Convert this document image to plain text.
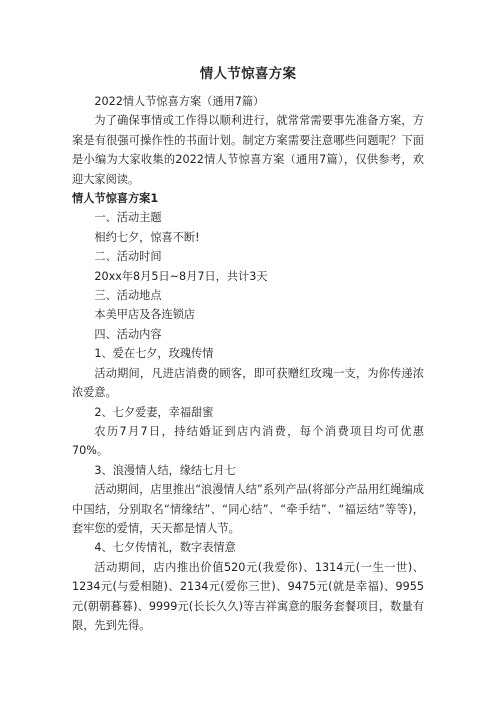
情人节惊喜方案

2022情人节惊喜方案（通用7篇）

为了确保事情或工作得以顺利进行，就常常需要事先准备方案，方案是有很强可操作性的书面计划。制定方案需要注意哪些问题呢？下面是小编为大家收集的2022情人节惊喜方案（通用7篇），仅供参考，欢迎大家阅读。

情人节惊喜方案1

一、活动主题

相约七夕，惊喜不断!

二、活动时间

20xx年8月5日~8月7日，共计3天

三、活动地点

本美甲店及各连锁店

四、活动内容

1、爱在七夕，玫瑰传情

活动期间，凡进店消费的顾客，即可获赠红玫瑰一支，为你传递浓浓爱意。

2、七夕爱妻，幸福甜蜜

农历7月7日，持结婚证到店内消费，每个消费项目均可优惠70%。

3、浪漫情人结，缘结七月七

活动期间，店里推出“浪漫情人结”系列产品(将部分产品用红绳编成中国结，分别取名“情缘结”、“同心结”、“牵手结”、“福运结”等等)，套牢您的爱情，天天都是情人节。

4、七夕传情礼，数字表情意

活动期间，店内推出价值520元(我爱你)、1314元(一生一世)、1234元(与爱相随)、2134元(爱你三世)、9475元(就是幸福)、9955元(朝朝暮暮)、9999元(长长久久)等吉祥寓意的服务套餐项目，数量有限，先到先得。
